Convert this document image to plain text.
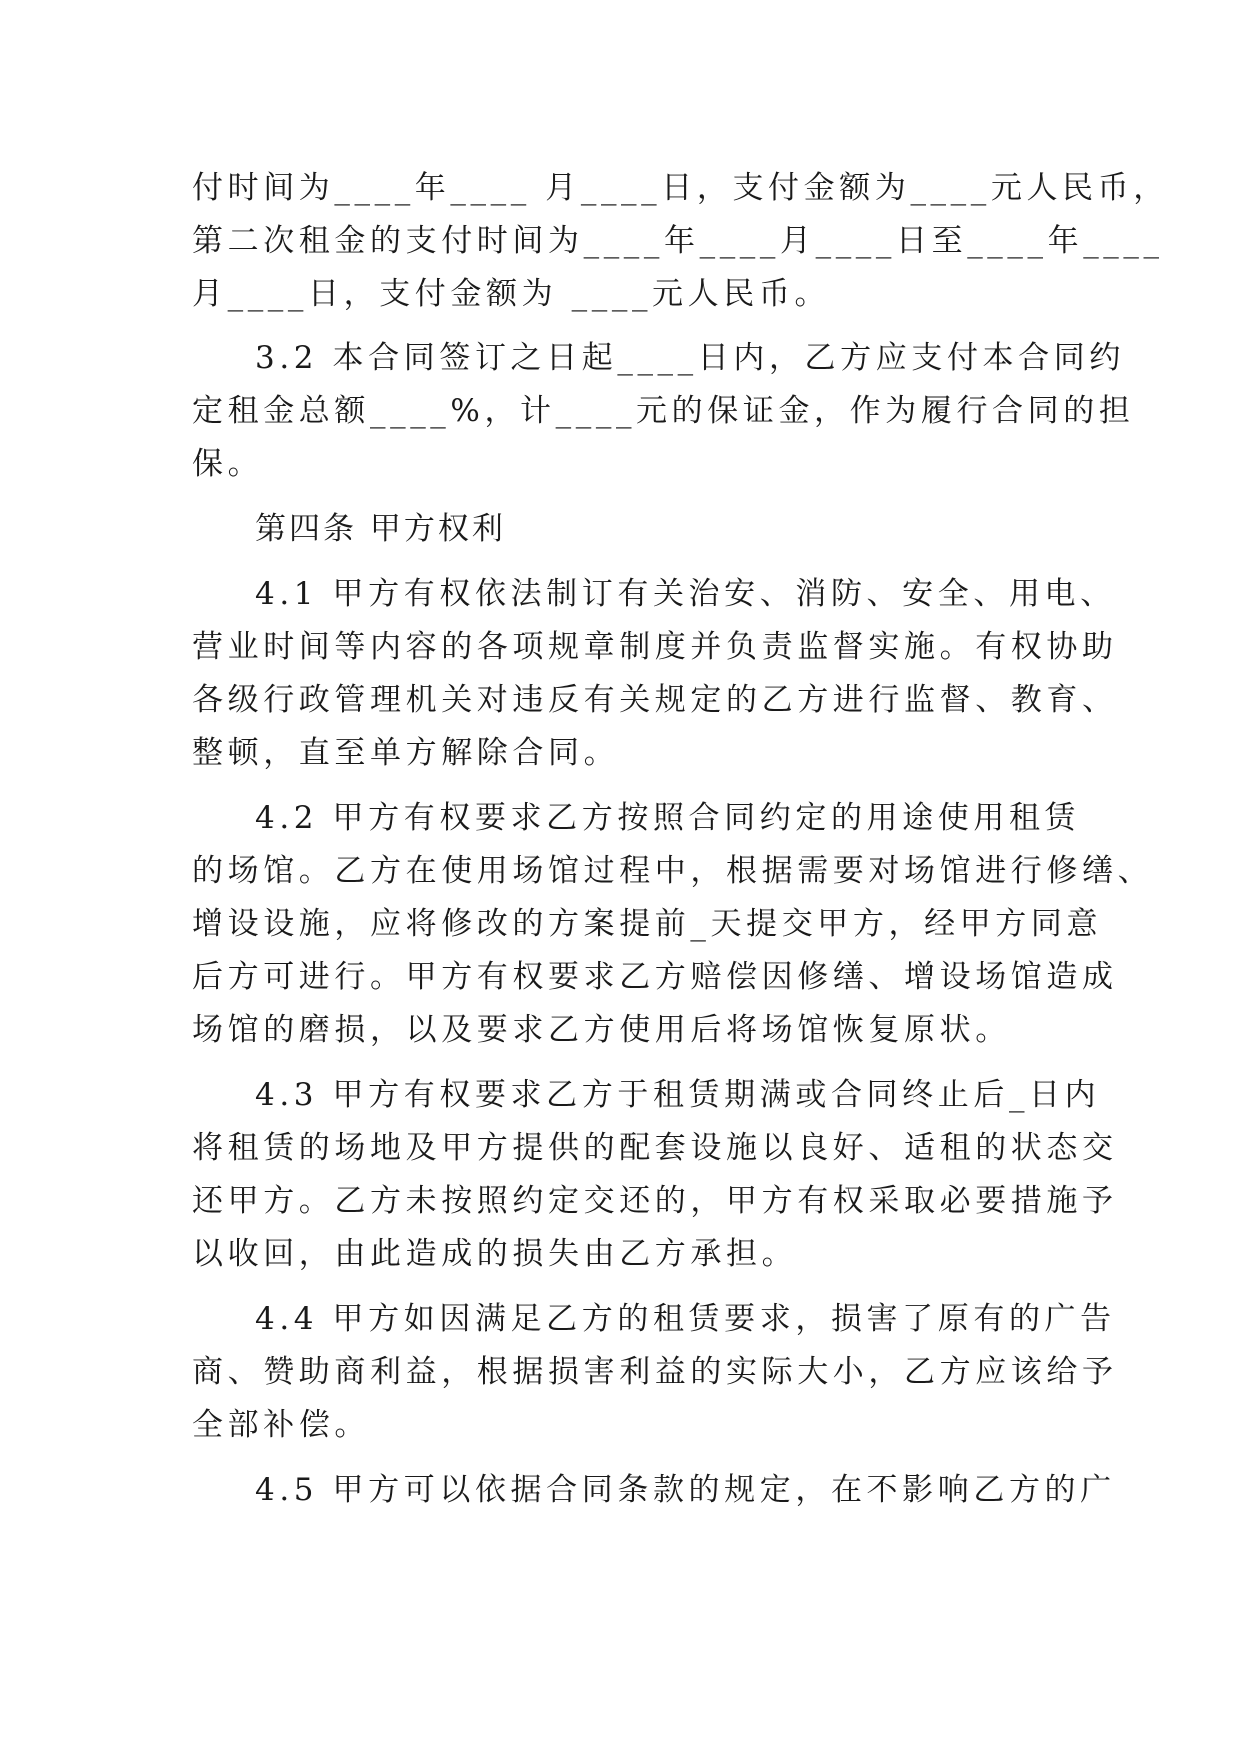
付时间为____年____ 月____日，支付金额为____元人民币，

第二次租金的支付时间为____年____月____日至____年____

月____日，支付金额为 ____元人民币。

3.2 本合同签订之日起____日内，乙方应支付本合同约

定租金总额____%，计____元的保证金，作为履行合同的担

保。

第四条 甲方权利

4.1 甲方有权依法制订有关治安、消防、安全、用电、

营业时间等内容的各项规章制度并负责监督实施。有权协助

各级行政管理机关对违反有关规定的乙方进行监督、教育、

整顿，直至单方解除合同。

4.2 甲方有权要求乙方按照合同约定的用途使用租赁

的场馆。乙方在使用场馆过程中，根据需要对场馆进行修缮、

增设设施，应将修改的方案提前_天提交甲方，经甲方同意

后方可进行。甲方有权要求乙方赔偿因修缮、增设场馆造成

场馆的磨损，以及要求乙方使用后将场馆恢复原状。

4.3 甲方有权要求乙方于租赁期满或合同终止后_日内

将租赁的场地及甲方提供的配套设施以良好、适租的状态交

还甲方。乙方未按照约定交还的，甲方有权采取必要措施予

以收回，由此造成的损失由乙方承担。

4.4 甲方如因满足乙方的租赁要求，损害了原有的广告

商、赞助商利益，根据损害利益的实际大小，乙方应该给予

全部补偿。

4.5 甲方可以依据合同条款的规定，在不影响乙方的广
